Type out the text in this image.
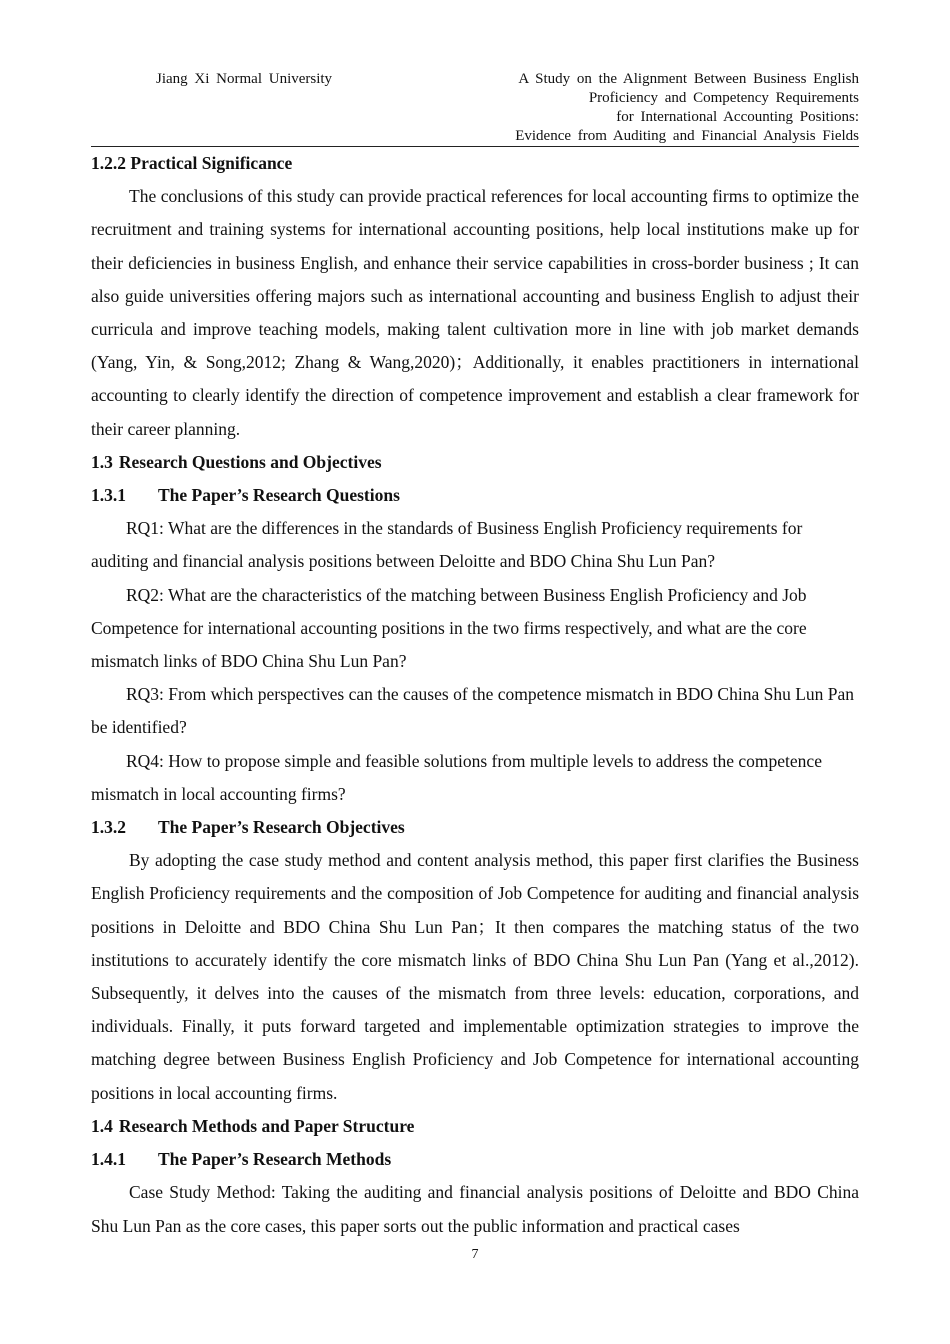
Jiang Xi Normal University	A Study on the Alignment Between Business English
Proficiency and Competency Requirements
for International Accounting Positions:
Evidence from Auditing and Financial Analysis Fields
1.2.2 Practical Significance

The conclusions of this study can provide practical references for local accounting firms to optimize the recruitment and training systems for international accounting positions, help local institutions make up for their deficiencies in business English, and enhance their service capabilities in cross-border business ; It can also guide universities offering majors such as international accounting and business English to adjust their curricula and improve teaching models, making talent cultivation more in line with job market demands (Yang, Yin, & Song,2012; Zhang & Wang,2020)；Additionally, it enables practitioners in international accounting to clearly identify the direction of competence improvement and establish a clear framework for their career planning.

1.3 Research Questions and Objectives
1.3.1 The Paper’s Research Questions

RQ1: What are the differences in the standards of Business English Proficiency requirements for auditing and financial analysis positions between Deloitte and BDO China Shu Lun Pan?

RQ2: What are the characteristics of the matching between Business English Proficiency and Job Competence for international accounting positions in the two firms respectively, and what are the core mismatch links of BDO China Shu Lun Pan?

RQ3: From which perspectives can the causes of the competence mismatch in BDO China Shu Lun Pan be identified?

RQ4: How to propose simple and feasible solutions from multiple levels to address the competence mismatch in local accounting firms?

1.3.2 The Paper’s Research Objectives

By adopting the case study method and content analysis method, this paper first clarifies the Business English Proficiency requirements and the composition of Job Competence for auditing and financial analysis positions in Deloitte and BDO China Shu Lun Pan；It then compares the matching status of the two institutions to accurately identify the core mismatch links of BDO China Shu Lun Pan (Yang et al.,2012). Subsequently, it delves into the causes of the mismatch from three levels: education, corporations, and individuals. Finally, it puts forward targeted and implementable optimization strategies to improve the matching degree between Business English Proficiency and Job Competence for international accounting positions in local accounting firms.

1.4 Research Methods and Paper Structure
1.4.1 The Paper’s Research Methods

Case Study Method: Taking the auditing and financial analysis positions of Deloitte and BDO China Shu Lun Pan as the core cases, this paper sorts out the public information and practical cases

7
